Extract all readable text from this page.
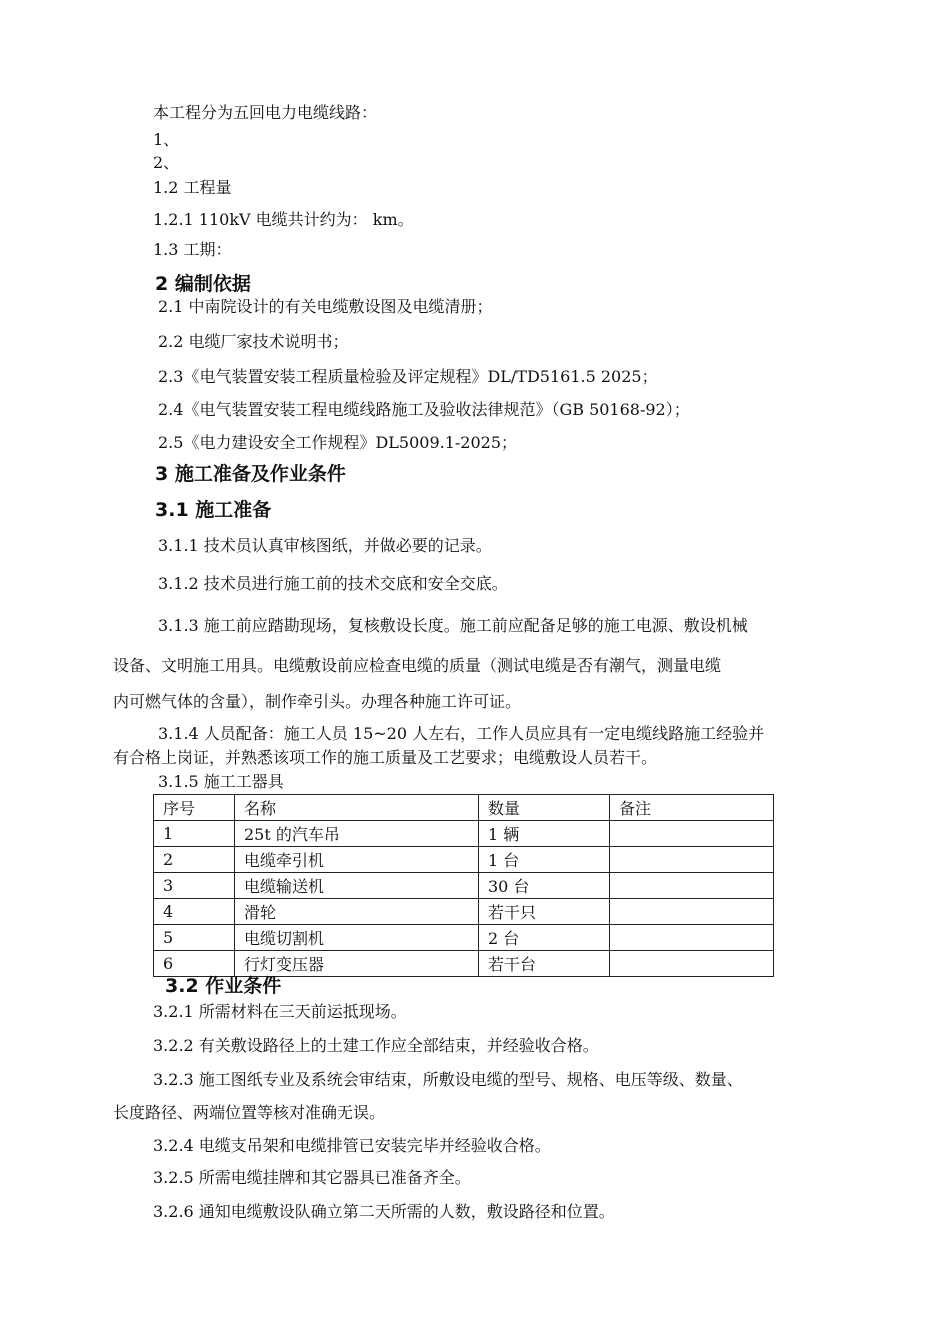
本工程分为五回电力电缆线路：
1、
2、
1.2 工程量
1.2.1 110kV 电缆共计约为： km。
1.3 工期：
2 编制依据
2.1 中南院设计的有关电缆敷设图及电缆清册；
2.2 电缆厂家技术说明书；
2.3《电气装置安装工程质量检验及评定规程》DL/TD5161.5 2025；
2.4《电气装置安装工程电缆线路施工及验收法律规范》（GB 50168-92）；
2.5《电力建设安全工作规程》DL5009.1-2025；
3 施工准备及作业条件
3.1 施工准备
3.1.1 技术员认真审核图纸，并做必要的记录。
3.1.2 技术员进行施工前的技术交底和安全交底。
3.1.3 施工前应踏勘现场，复核敷设长度。施工前应配备足够的施工电源、敷设机械
设备、文明施工用具。电缆敷设前应检查电缆的质量（测试电缆是否有潮气，测量电缆
内可燃气体的含量），制作牵引头。办理各种施工许可证。
3.1.4 人员配备：施工人员 15~20 人左右，工作人员应具有一定电缆线路施工经验并
有合格上岗证，并熟悉该项工作的施工质量及工艺要求；电缆敷设人员若干。
3.1.5 施工工器具
序号	名称	数量	备注
1	25t 的汽车吊	1 辆	
2	电缆牵引机	1 台	
3	电缆输送机	30 台	
4	滑轮	若干只	
5	电缆切割机	2 台	
6	行灯变压器	若干台	
3.2 作业条件
3.2.1 所需材料在三天前运抵现场。
3.2.2 有关敷设路径上的土建工作应全部结束，并经验收合格。
3.2.3 施工图纸专业及系统会审结束，所敷设电缆的型号、规格、电压等级、数量、
长度路径、两端位置等核对准确无误。
3.2.4 电缆支吊架和电缆排管已安装完毕并经验收合格。
3.2.5 所需电缆挂牌和其它器具已准备齐全。
3.2.6 通知电缆敷设队确立第二天所需的人数，敷设路径和位置。
